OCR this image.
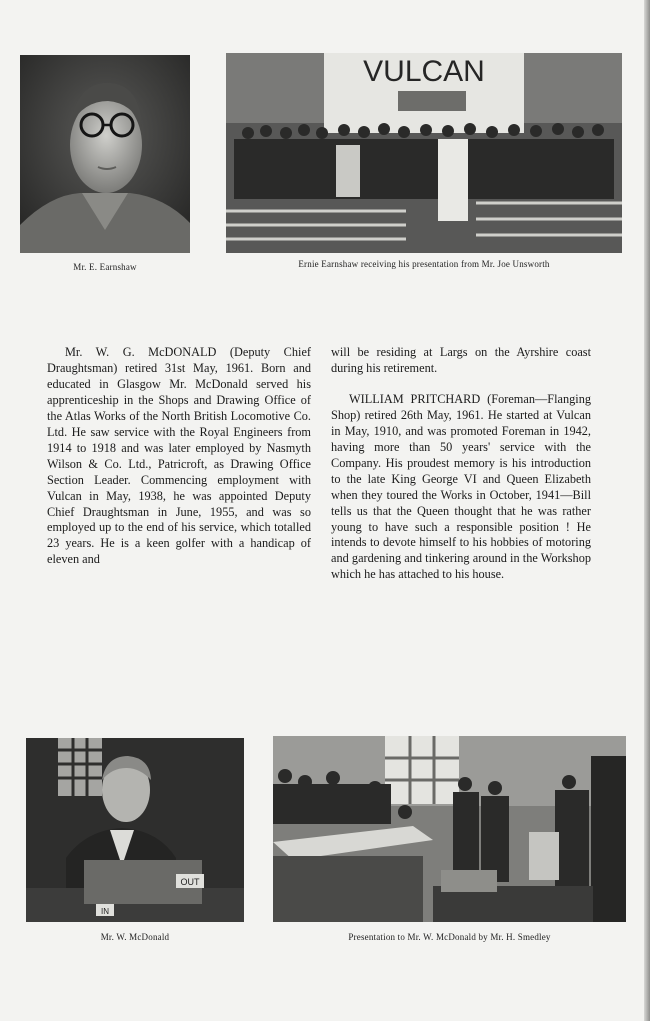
Mr. E. Earnshaw
VULCAN
Ernie Earnshaw receiving his presentation from Mr. Joe Unsworth

Mr. W. G. McDONALD (Deputy Chief Draughtsman) retired 31st May, 1961. Born and educated in Glasgow Mr. McDonald served his apprenticeship in the Shops and Drawing Office of the Atlas Works of the North British Locomotive Co. Ltd. He saw service with the Royal Engineers from 1914 to 1918 and was later employed by Nasmyth Wilson & Co. Ltd., Patricroft, as Drawing Office Section Leader. Commencing employment with Vulcan in May, 1938, he was appointed Deputy Chief Draughtsman in June, 1955, and was so employed up to the end of his service, which totalled 23 years. He is a keen golfer with a handicap of eleven and

will be residing at Largs on the Ayrshire coast during his retirement.

WILLIAM PRITCHARD (Foreman—Flanging Shop) retired 26th May, 1961. He started at Vulcan in May, 1910, and was promoted Foreman in 1942, having more than 50 years' service with the Company. His proudest memory is his introduction to the late King George VI and Queen Elizabeth when they toured the Works in October, 1941—Bill tells us that the Queen thought that he was rather young to have such a responsible position ! He intends to devote himself to his hobbies of motoring and gardening and tinkering around in the Workshop which he has attached to his house.

OUT
IN
Mr. W. McDonald	Presentation to Mr. W. McDonald by Mr. H. Smedley
